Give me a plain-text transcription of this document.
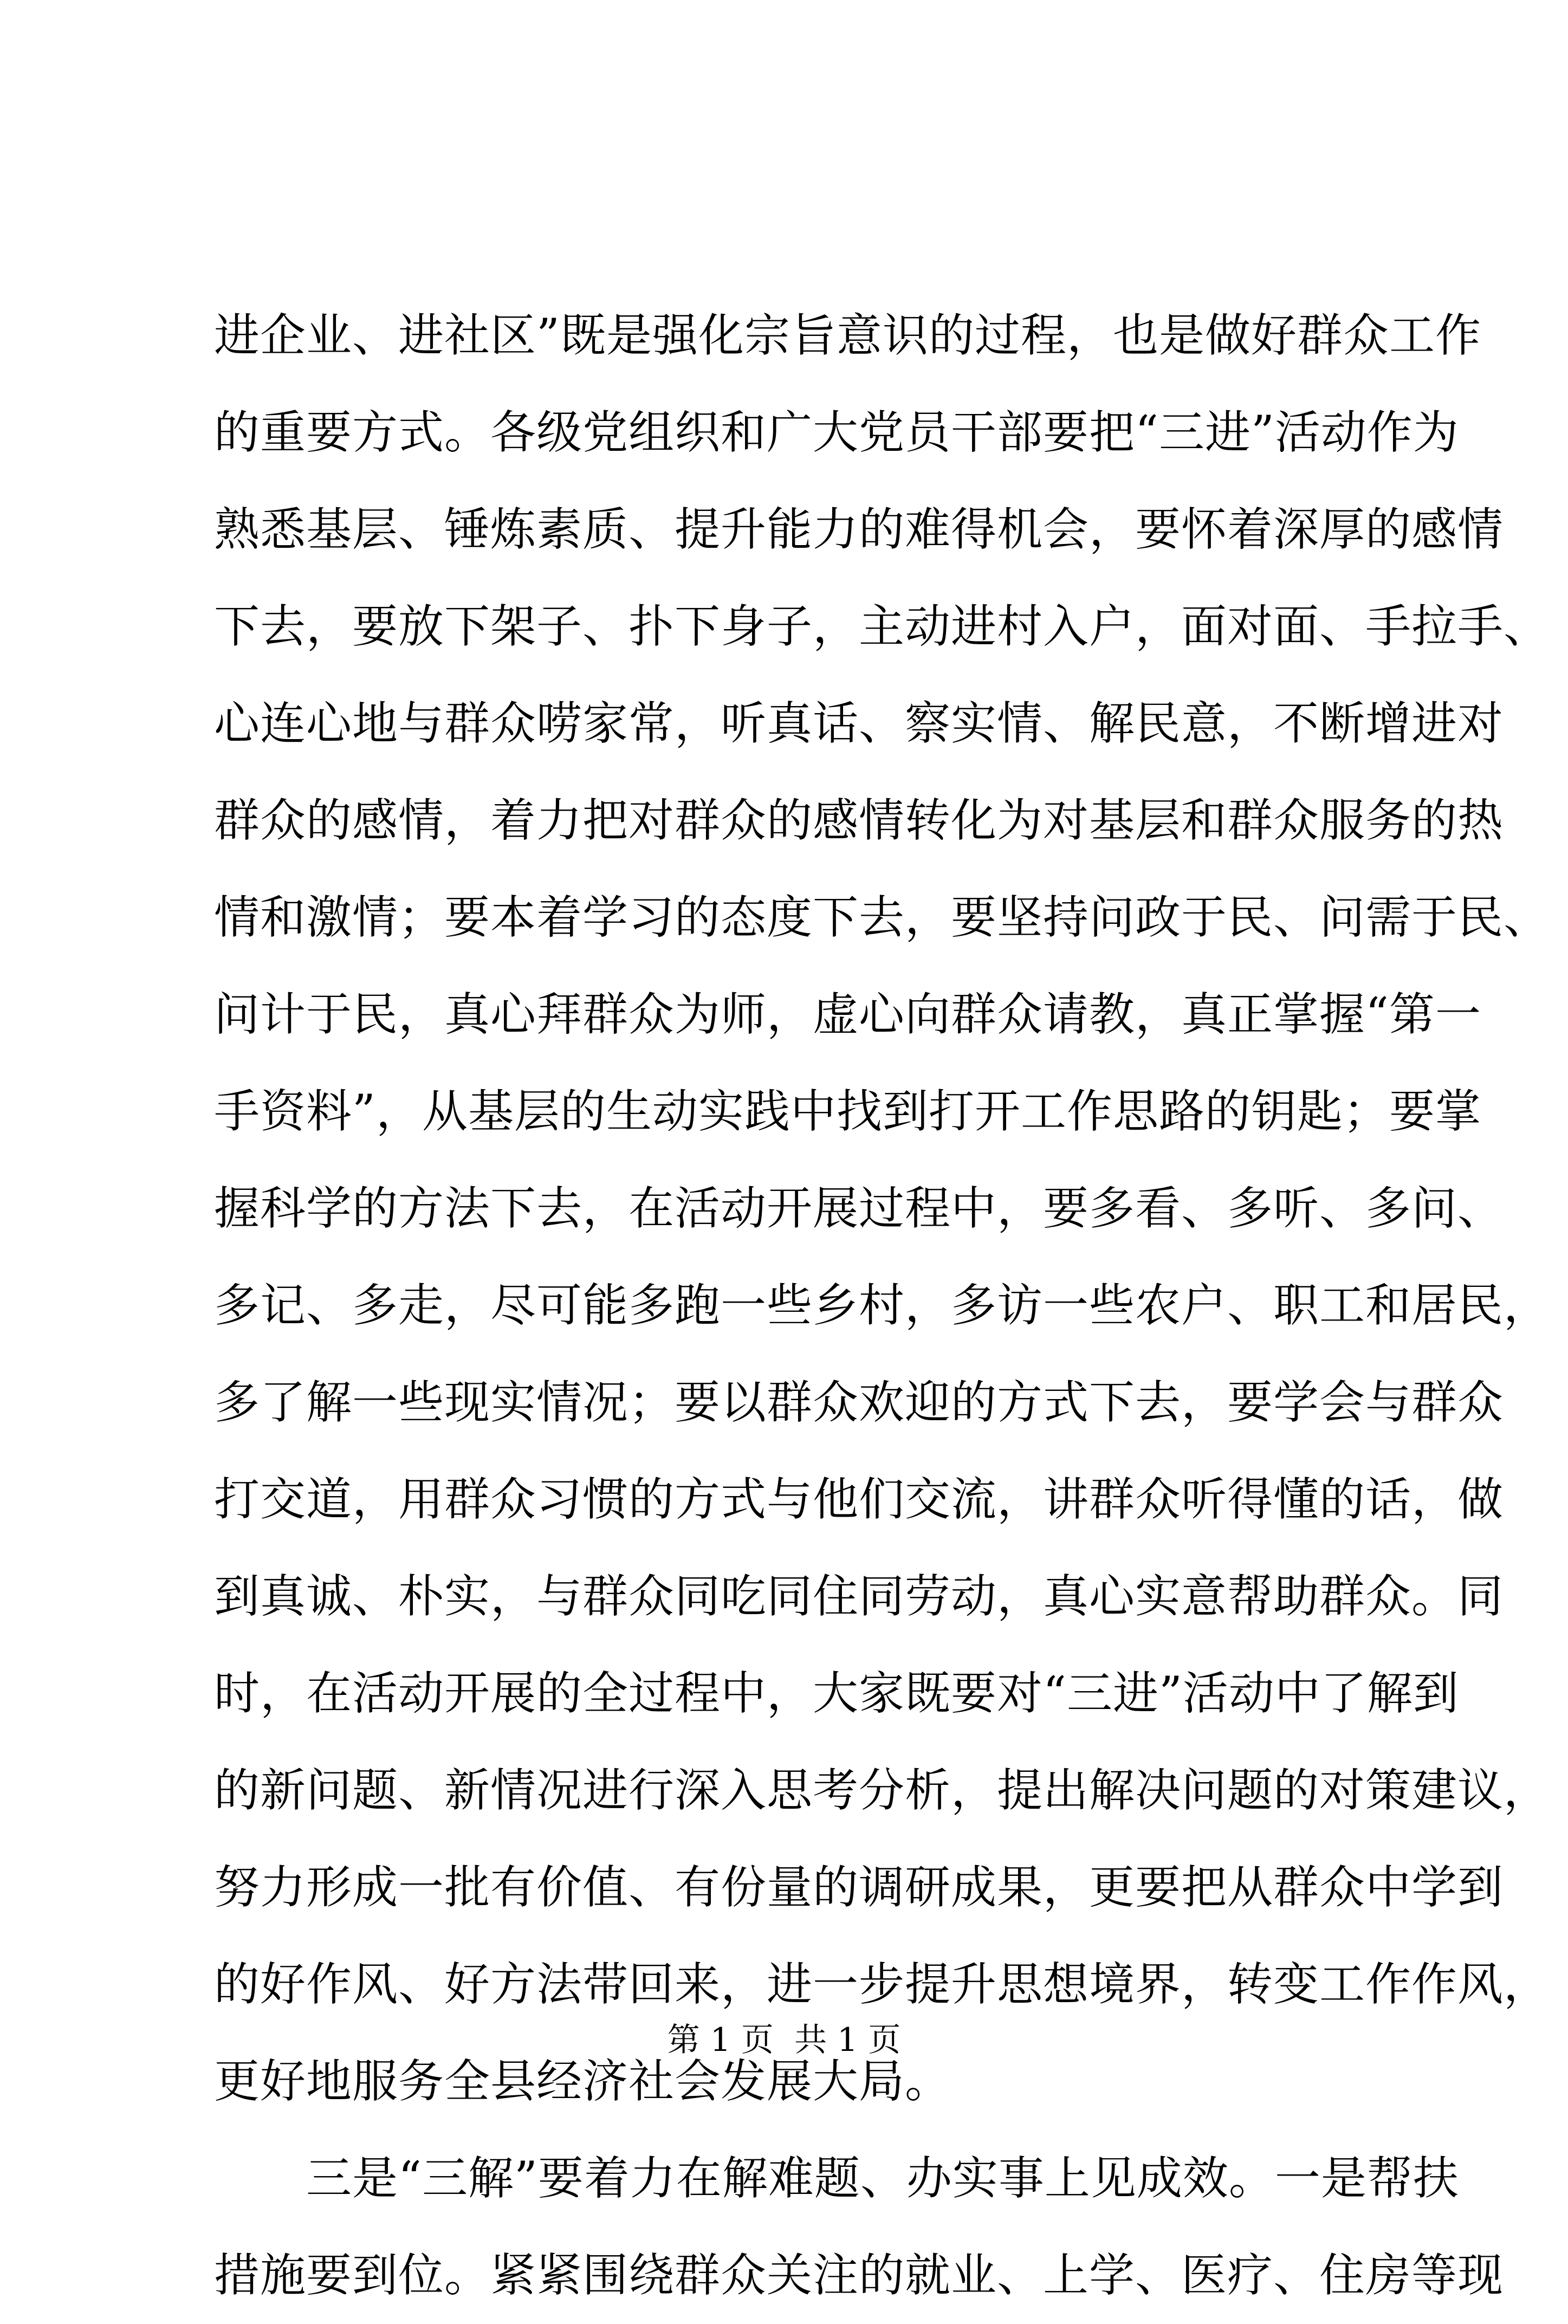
进企业、进社区”既是强化宗旨意识的过程，也是做好群众工作
的重要方式。各级党组织和广大党员干部要把“三进”活动作为
熟悉基层、锤炼素质、提升能力的难得机会，要怀着深厚的感情
下去，要放下架子、扑下身子，主动进村入户，面对面、手拉手、
心连心地与群众唠家常，听真话、察实情、解民意，不断增进对
群众的感情，着力把对群众的感情转化为对基层和群众服务的热
情和激情；要本着学习的态度下去，要坚持问政于民、问需于民、
问计于民，真心拜群众为师，虚心向群众请教，真正掌握“第一
手资料”，从基层的生动实践中找到打开工作思路的钥匙；要掌
握科学的方法下去，在活动开展过程中，要多看、多听、多问、
多记、多走，尽可能多跑一些乡村，多访一些农户、职工和居民，
多了解一些现实情况；要以群众欢迎的方式下去，要学会与群众
打交道，用群众习惯的方式与他们交流，讲群众听得懂的话，做
到真诚、朴实，与群众同吃同住同劳动，真心实意帮助群众。同
时，在活动开展的全过程中，大家既要对“三进”活动中了解到
的新问题、新情况进行深入思考分析，提出解决问题的对策建议，
努力形成一批有价值、有份量的调研成果，更要把从群众中学到
的好作风、好方法带回来，进一步提升思想境界，转变工作作风，
更好地服务全县经济社会发展大局。
三是“三解”要着力在解难题、办实事上见成效。一是帮扶
措施要到位。紧紧围绕群众关注的就业、上学、医疗、住房等现
第 1 页  共 1 页
